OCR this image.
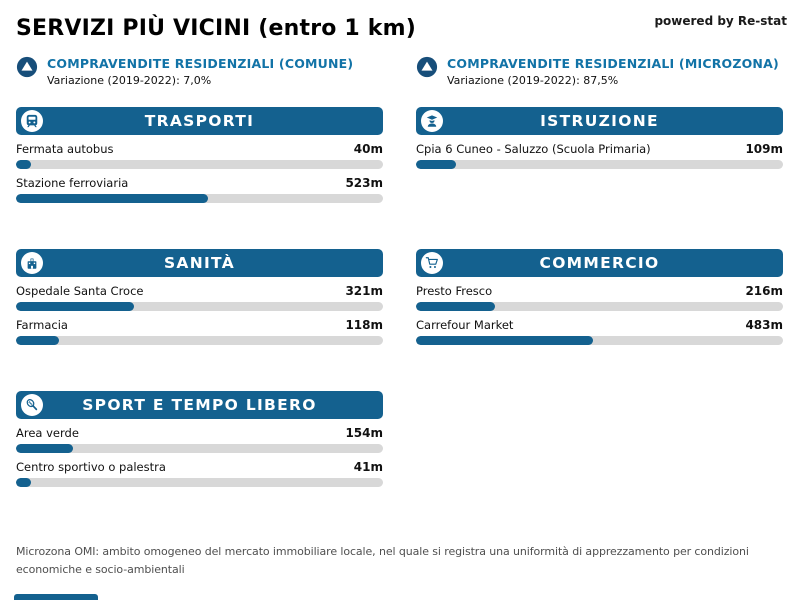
SERVIZI PIÙ VICINI (entro 1 km)	powered by Re-stat
COMPRAVENDITE RESIDENZIALI (COMUNE)
Variazione (2019-2022): 7,0%
COMPRAVENDITE RESIDENZIALI (MICROZONA)
Variazione (2019-2022): 87,5%
TRASPORTI
Fermata autobus	40m
Stazione ferroviaria	523m
ISTRUZIONE
Cpia 6 Cuneo - Saluzzo (Scuola Primaria)	109m
SANITÀ
Ospedale Santa Croce	321m
Farmacia	118m
COMMERCIO
Presto Fresco	216m
Carrefour Market	483m
SPORT E TEMPO LIBERO
Area verde	154m
Centro sportivo o palestra	41m

Microzona OMI: ambito omogeneo del mercato immobiliare locale, nel quale si registra una uniformità di apprezzamento per condizioni economiche e socio-ambientali
